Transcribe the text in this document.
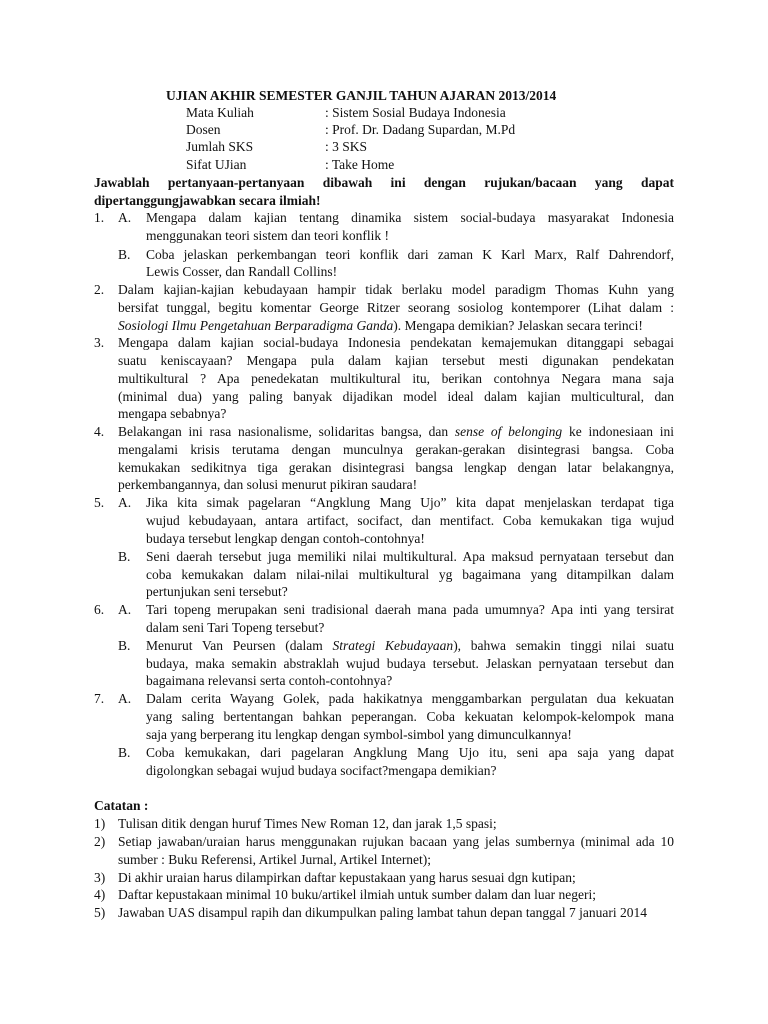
UJIAN AKHIR SEMESTER GANJIL TAHUN AJARAN 2013/2014
Mata Kuliah	: Sistem Sosial Budaya Indonesia
Dosen	: Prof. Dr. Dadang Supardan, M.Pd
Jumlah SKS	: 3 SKS
Sifat UJian	: Take Home
Jawablah pertanyaan-pertanyaan dibawah ini dengan rujukan/bacaan yang dapat
dipertanggungjawabkan secara ilmiah!
1. A. Mengapa dalam kajian tentang dinamika sistem social-budaya masyarakat Indonesia
menggunakan teori sistem dan teori konflik !
B. Coba jelaskan perkembangan teori konflik dari zaman K Karl Marx, Ralf Dahrendorf,
Lewis Cosser, dan Randall Collins!
2. Dalam kajian-kajian kebudayaan hampir tidak berlaku model paradigm Thomas Kuhn yang
bersifat tunggal, begitu komentar George Ritzer seorang sosiolog kontemporer (Lihat dalam :
Sosiologi Ilmu Pengetahuan Berparadigma Ganda). Mengapa demikian? Jelaskan secara terinci!
3. Mengapa dalam kajian social-budaya Indonesia pendekatan kemajemukan ditanggapi sebagai
suatu keniscayaan? Mengapa pula dalam kajian tersebut mesti digunakan pendekatan
multikultural ? Apa penedekatan multikultural itu, berikan contohnya Negara mana saja
(minimal dua) yang paling banyak dijadikan model ideal dalam kajian multicultural, dan
mengapa sebabnya?
4. Belakangan ini rasa nasionalisme, solidaritas bangsa, dan sense of belonging ke indonesiaan ini
mengalami krisis terutama dengan munculnya gerakan-gerakan disintegrasi bangsa. Coba
kemukakan sedikitnya tiga gerakan disintegrasi bangsa lengkap dengan latar belakangnya,
perkembangannya, dan solusi menurut pikiran saudara!
5. A. Jika kita simak pagelaran “Angklung Mang Ujo” kita dapat menjelaskan terdapat tiga
wujud kebudayaan, antara artifact, socifact, dan mentifact. Coba kemukakan tiga wujud
budaya tersebut lengkap dengan contoh-contohnya!
B. Seni daerah tersebut juga memiliki nilai multikultural. Apa maksud pernyataan tersebut dan
coba kemukakan dalam nilai-nilai multikultural yg bagaimana yang ditampilkan dalam
pertunjukan seni tersebut?
6. A. Tari topeng merupakan seni tradisional daerah mana pada umumnya? Apa inti yang tersirat
dalam seni Tari Topeng tersebut?
B. Menurut Van Peursen (dalam Strategi Kebudayaan), bahwa semakin tinggi nilai suatu
budaya, maka semakin abstraklah wujud budaya tersebut. Jelaskan pernyataan tersebut dan
bagaimana relevansi serta contoh-contohnya?
7. A. Dalam cerita Wayang Golek, pada hakikatnya menggambarkan pergulatan dua kekuatan
yang saling bertentangan bahkan peperangan. Coba kekuatan kelompok-kelompok mana
saja yang berperang itu lengkap dengan symbol-simbol yang dimunculkannya!
B. Coba kemukakan, dari pagelaran Angklung Mang Ujo itu, seni apa saja yang dapat
digolongkan sebagai wujud budaya socifact?mengapa demikian?
Catatan :
1) Tulisan ditik dengan huruf Times New Roman 12, dan jarak 1,5 spasi;
2) Setiap jawaban/uraian harus menggunakan rujukan bacaan yang jelas sumbernya (minimal ada 10
sumber : Buku Referensi, Artikel Jurnal, Artikel Internet);
3) Di akhir uraian harus dilampirkan daftar kepustakaan yang harus sesuai dgn kutipan;
4) Daftar kepustakaan minimal 10 buku/artikel ilmiah untuk sumber dalam dan luar negeri;
5) Jawaban UAS disampul rapih dan dikumpulkan paling lambat tahun depan tanggal 7 januari 2014
